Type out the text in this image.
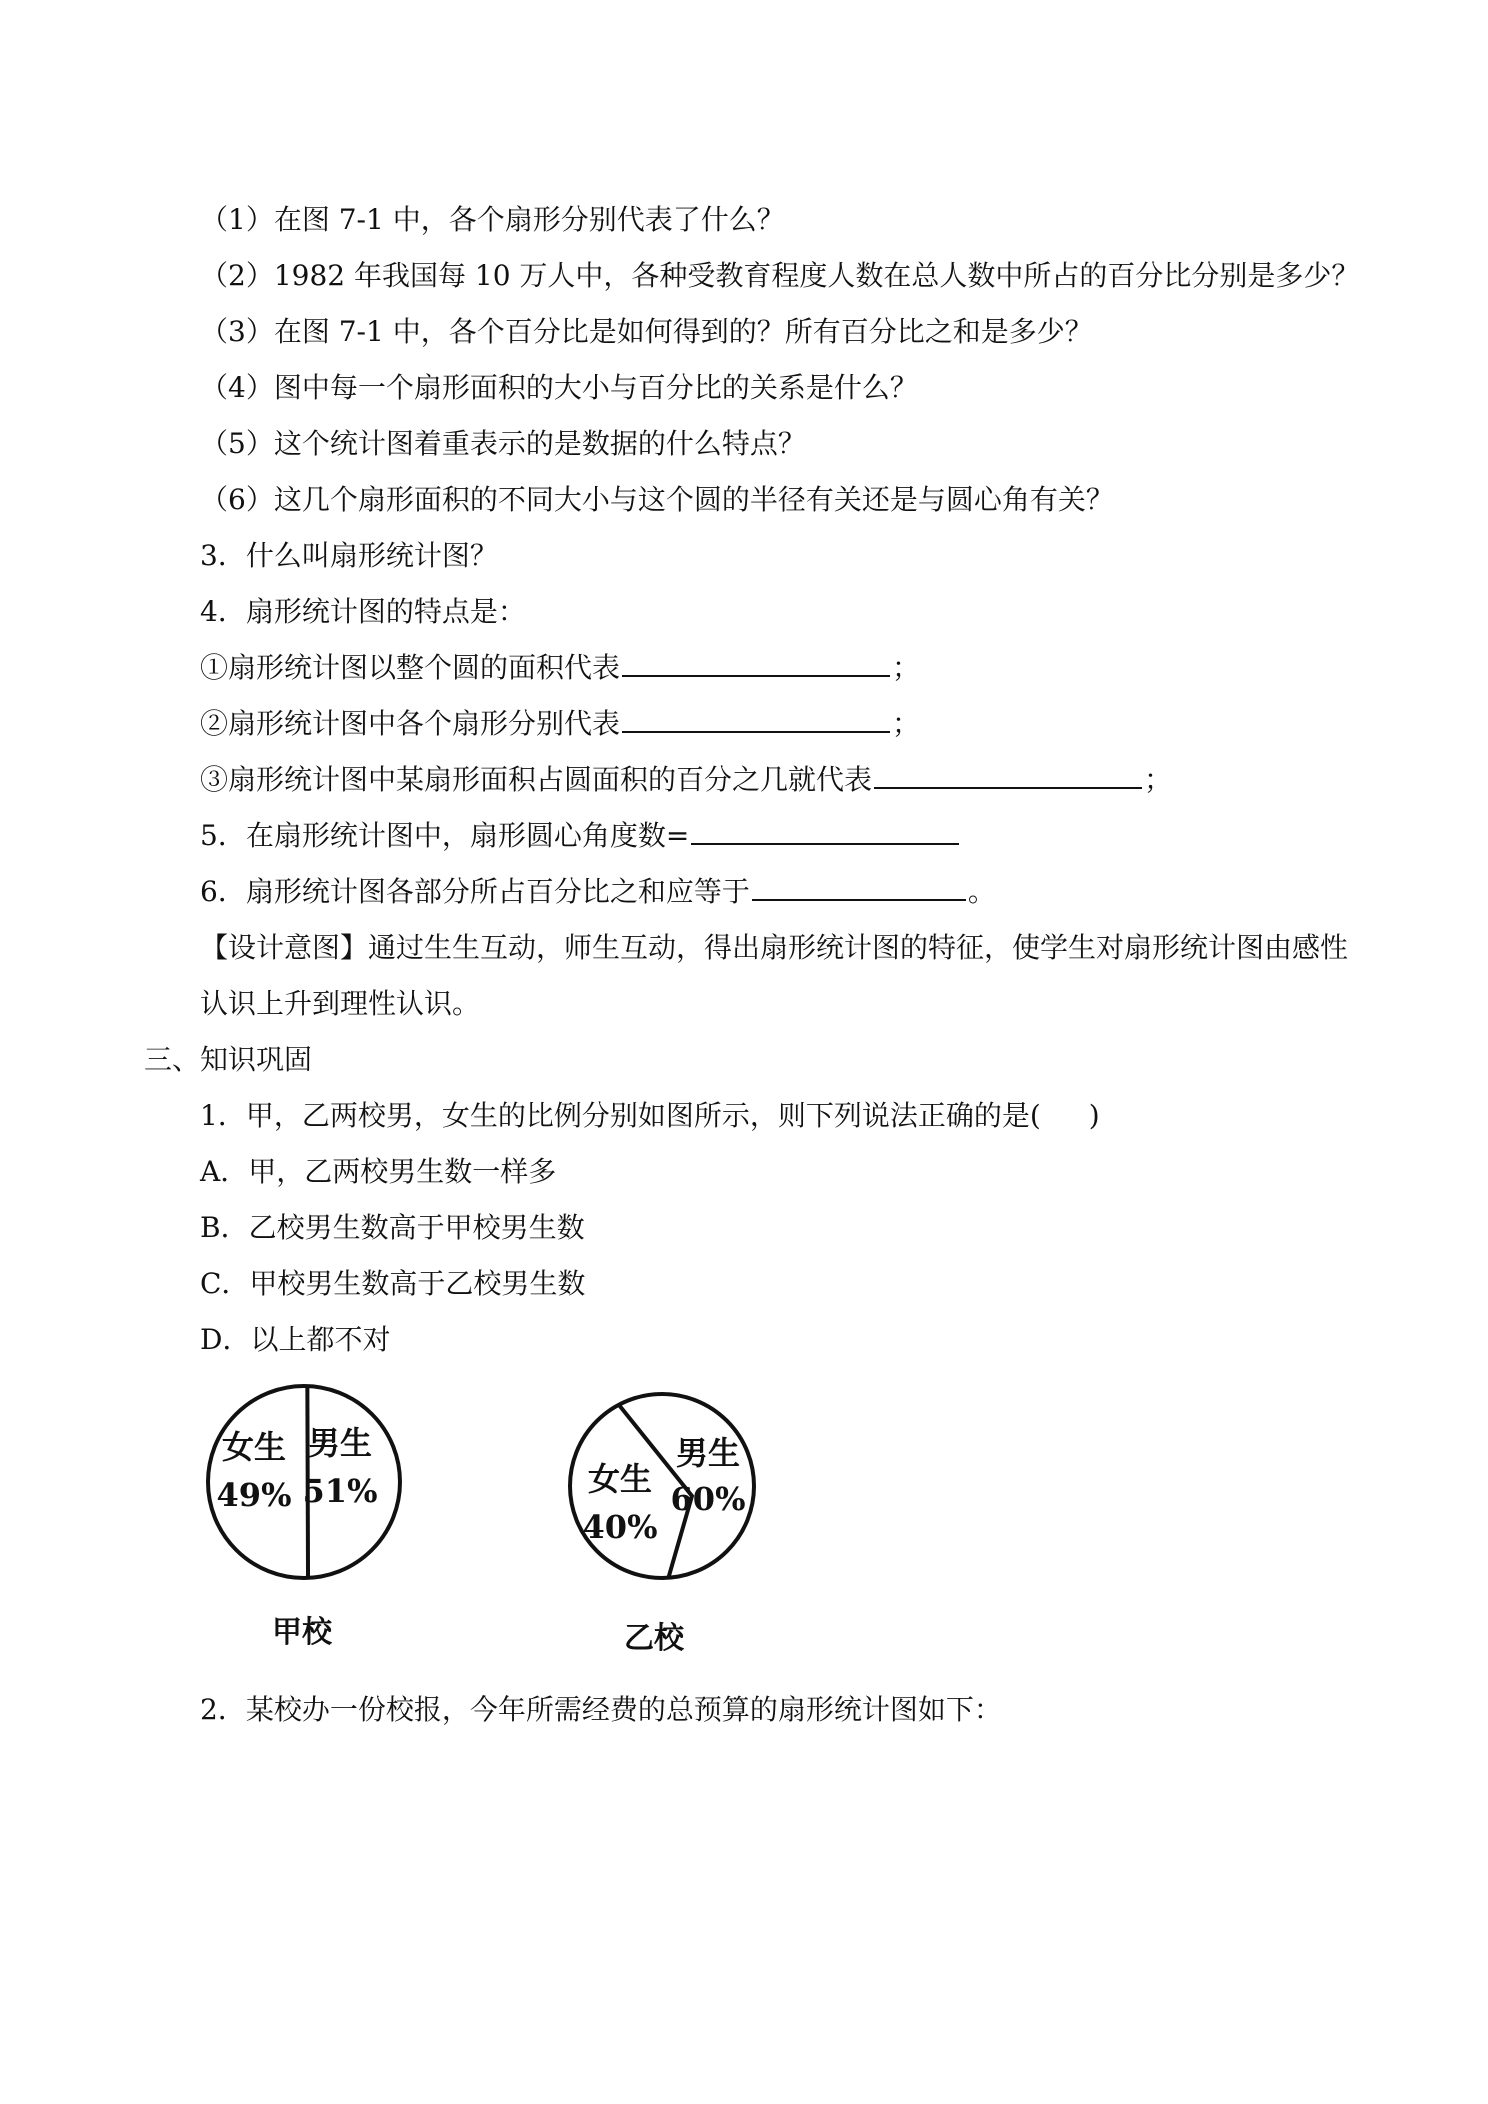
（1）在图 7-1 中，各个扇形分别代表了什么？
（2）1982 年我国每 10 万人中，各种受教育程度人数在总人数中所占的百分比分别是多少？
（3）在图 7-1 中，各个百分比是如何得到的？所有百分比之和是多少？
（4）图中每一个扇形面积的大小与百分比的关系是什么？
（5）这个统计图着重表示的是数据的什么特点？
（6）这几个扇形面积的不同大小与这个圆的半径有关还是与圆心角有关？
3．什么叫扇形统计图？
4．扇形统计图的特点是：
①扇形统计图以整个圆的面积代表	；
②扇形统计图中各个扇形分别代表	；
③扇形统计图中某扇形面积占圆面积的百分之几就代表	；
5．在扇形统计图中，扇形圆心角度数=
6．扇形统计图各部分所占百分比之和应等于	。
【设计意图】通过生生互动，师生互动，得出扇形统计图的特征，使学生对扇形统计图由感性认识上升到理性认识。
三、知识巩固
1．甲，乙两校男，女生的比例分别如图所示，则下列说法正确的是( )
A．甲，乙两校男生数一样多
B．乙校男生数高于甲校男生数
C．甲校男生数高于乙校男生数
D．以上都不对
女生
49%
男生
51%
甲校
女生
40%
男生
60%
乙校
2．某校办一份校报，今年所需经费的总预算的扇形统计图如下：
